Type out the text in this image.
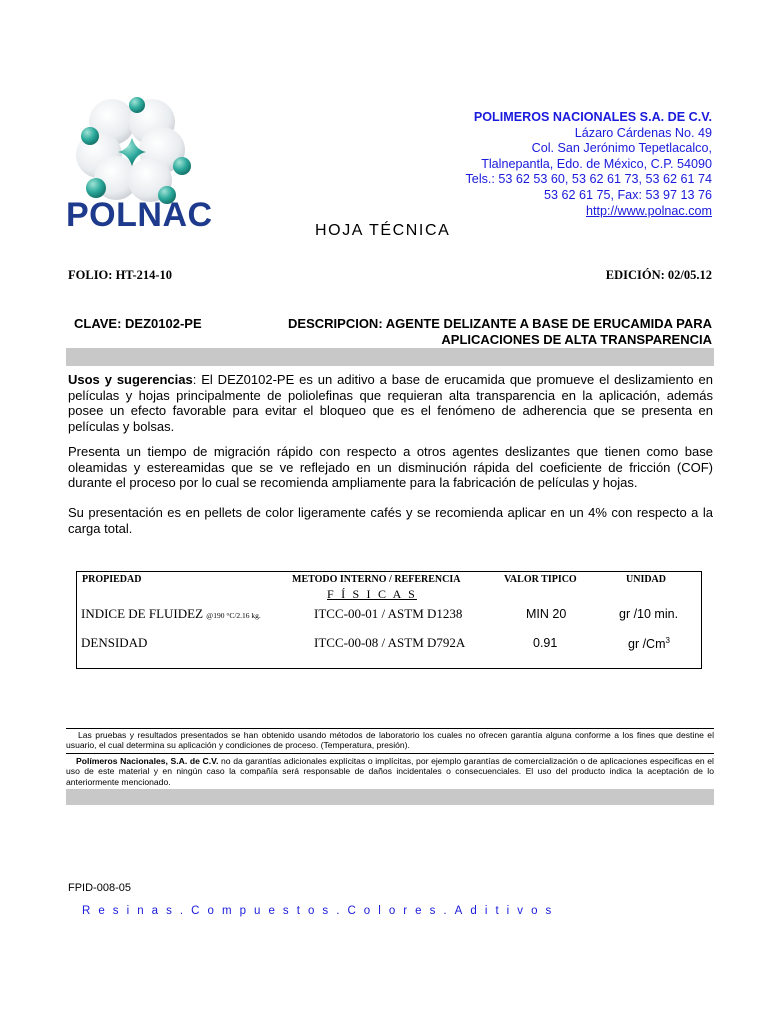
POLNAC
POLIMEROS NACIONALES S.A. DE C.V.
Lázaro Cárdenas No. 49
Col. San Jerónimo Tepetlacalco,
Tlalnepantla, Edo. de México, C.P. 54090
Tels.: 53 62 53 60, 53 62 61 73, 53 62 61 74
53 62 61 75, Fax: 53 97 13 76
http://www.polnac.com
HOJA TÉCNICA
FOLIO: HT-214-10	EDICIÓN: 02/05.12
CLAVE: DEZ0102-PE	DESCRIPCION: AGENTE DELIZANTE A BASE DE ERUCAMIDA PARA
APLICACIONES DE ALTA TRANSPARENCIA
Usos y sugerencias: El DEZ0102-PE es un aditivo a base de erucamida que promueve el deslizamiento en películas y hojas principalmente de poliolefinas que requieran alta transparencia en la aplicación, además posee un efecto favorable para evitar el bloqueo que es el fenómeno de adherencia que se presenta en películas y bolsas.
Presenta un tiempo de migración rápido con respecto a otros agentes deslizantes que tienen como base oleamidas y estereamidas que se ve reflejado en un disminución rápida del coeficiente de fricción (COF) durante el proceso por lo cual se recomienda ampliamente para la fabricación de películas y hojas.
Su presentación es en pellets de color ligeramente cafés y se recomienda aplicar en un 4% con respecto a la carga total.
PROPIEDAD	METODO INTERNO / REFERENCIA	VALOR TIPICO	UNIDAD
F Í S I C A S
INDICE DE FLUIDEZ @190 °C/2.16 kg.	ITCC-00-01 / ASTM D1238	MIN 20	gr /10 min.
DENSIDAD	ITCC-00-08 / ASTM D792A	0.91	gr /Cm$^3$
Las pruebas y resultados presentados se han obtenido usando métodos de laboratorio los cuales no ofrecen garantía alguna conforme a los fines que destine el usuario, el cual determina su aplicación y condiciones de proceso. (Temperatura, presión).
Polímeros Nacionales, S.A. de C.V. no da garantías adicionales explícitas o implícitas, por ejemplo garantías de comercialización o de aplicaciones especificas en el uso de este material y en ningún caso la compañía será responsable de daños incidentales o consecuenciales. El uso del producto indica la aceptación de lo anteriormente mencionado.
FPID-008-05
Resinas.Compuestos.Colores.Aditivos
